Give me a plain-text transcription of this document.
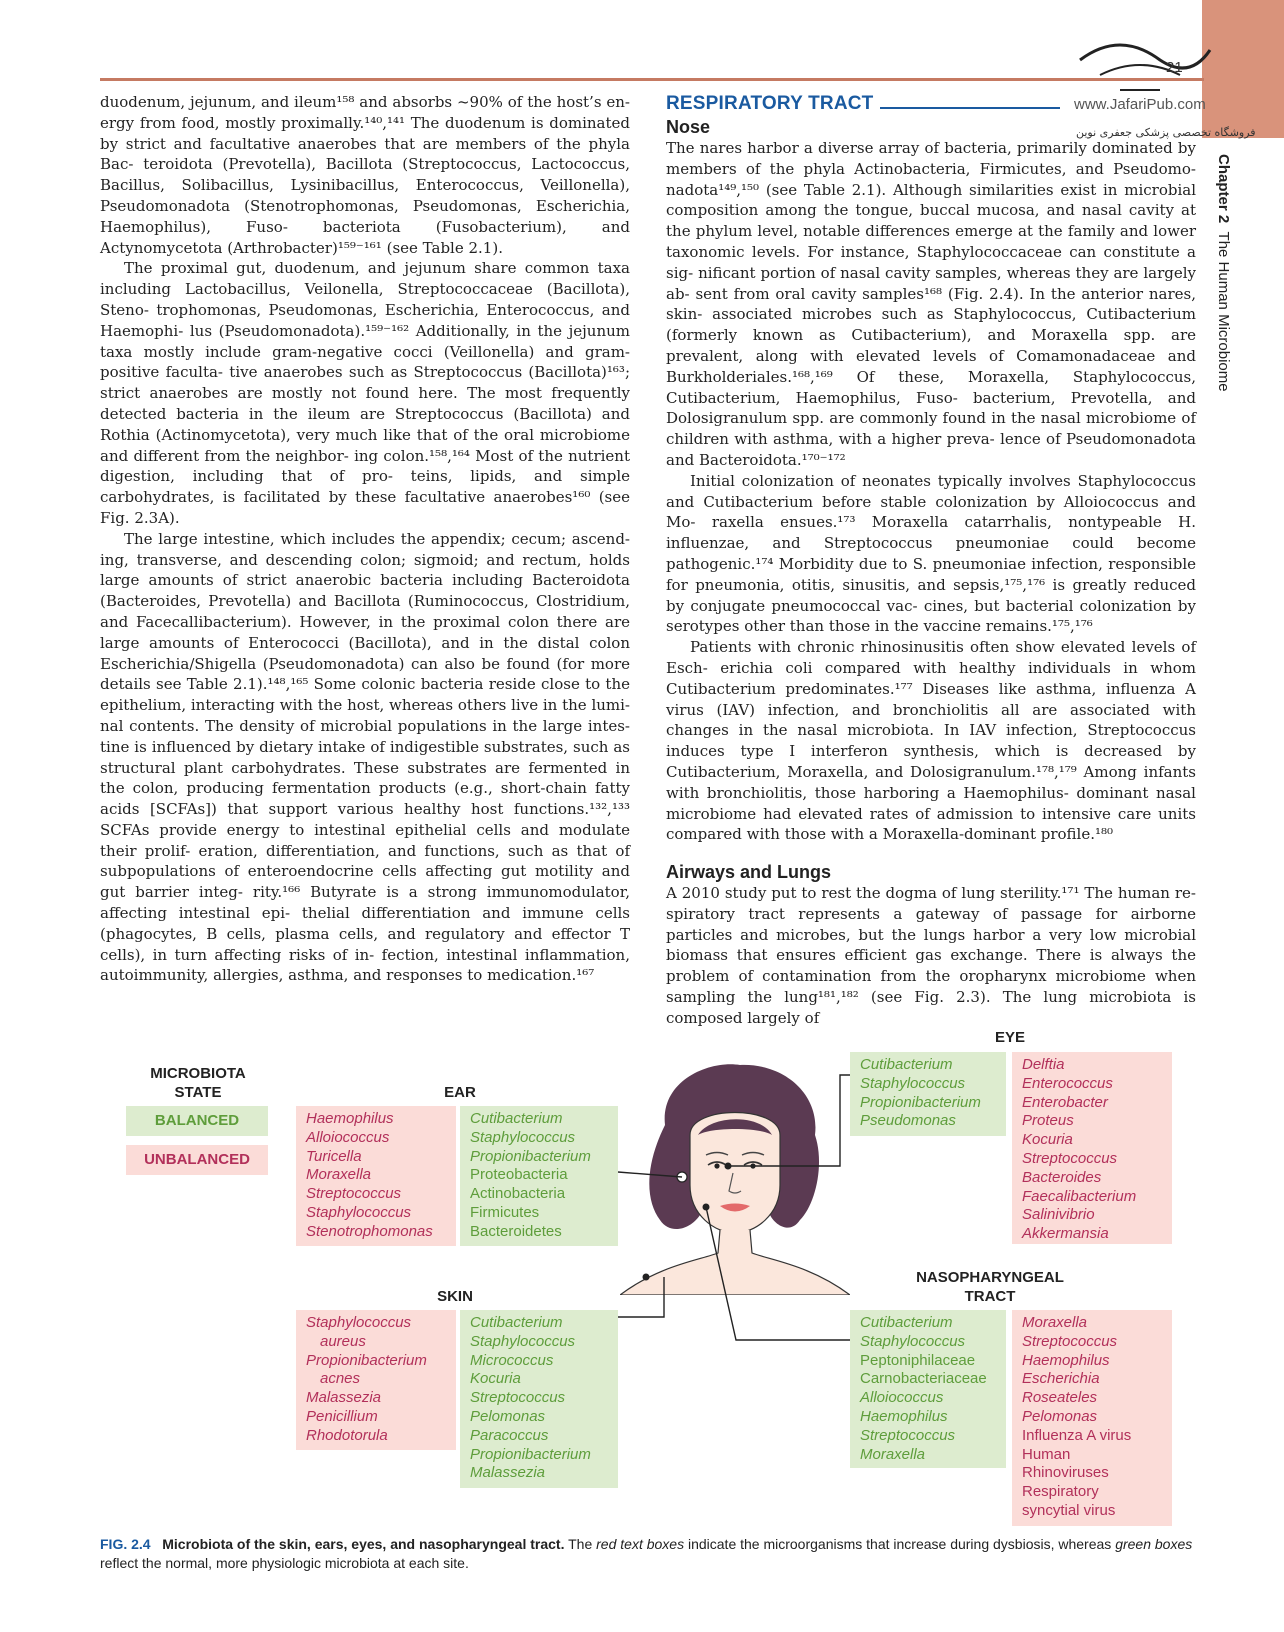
21
www.JafariPub.com
فروشگاه تخصصی پزشکی جعفری نوین
Chapter 2  The Human Microbiome

duodenum, jejunum, and ileum¹⁵⁸ and absorbs ~90% of the host’s en- ergy from food, mostly proximally.¹⁴⁰,¹⁴¹ The duodenum is dominated by strict and facultative anaerobes that are members of the phyla Bac- teroidota (Prevotella), Bacillota (Streptococcus, Lactococcus, Bacillus, Solibacillus, Lysinibacillus, Enterococcus, Veillonella), Pseudomonadota (Stenotrophomonas, Pseudomonas, Escherichia, Haemophilus), Fuso- bacteriota (Fusobacterium), and Actynomycetota (Arthrobacter)¹⁵⁹⁻¹⁶¹ (see Table 2.1).

The proximal gut, duodenum, and jejunum share common taxa including Lactobacillus, Veilonella, Streptococcaceae (Bacillota), Steno- trophomonas, Pseudomonas, Escherichia, Enterococcus, and Haemophi- lus (Pseudomonadota).¹⁵⁹⁻¹⁶² Additionally, in the jejunum taxa mostly include gram-negative cocci (Veillonella) and gram-positive faculta- tive anaerobes such as Streptococcus (Bacillota)¹⁶³; strict anaerobes are mostly not found here. The most frequently detected bacteria in the ileum are Streptococcus (Bacillota) and Rothia (Actinomycetota), very much like that of the oral microbiome and different from the neighbor- ing colon.¹⁵⁸,¹⁶⁴ Most of the nutrient digestion, including that of pro- teins, lipids, and simple carbohydrates, is facilitated by these facultative anaerobes¹⁶⁰ (see Fig. 2.3A).

The large intestine, which includes the appendix; cecum; ascend- ing, transverse, and descending colon; sigmoid; and rectum, holds large amounts of strict anaerobic bacteria including Bacteroidota (Bacteroides, Prevotella) and Bacillota (Ruminococcus, Clostridium, and Facecallibacterium). However, in the proximal colon there are large amounts of Enterococci (Bacillota), and in the distal colon Escherichia/Shigella (Pseudomonadota) can also be found (for more details see Table 2.1).¹⁴⁸,¹⁶⁵ Some colonic bacteria reside close to the epithelium, interacting with the host, whereas others live in the lumi- nal contents. The density of microbial populations in the large intes- tine is influenced by dietary intake of indigestible substrates, such as structural plant carbohydrates. These substrates are fermented in the colon, producing fermentation products (e.g., short-chain fatty acids [SCFAs]) that support various healthy host functions.¹³²,¹³³ SCFAs provide energy to intestinal epithelial cells and modulate their prolif- eration, differentiation, and functions, such as that of subpopulations of enteroendocrine cells affecting gut motility and gut barrier integ- rity.¹⁶⁶ Butyrate is a strong immunomodulator, affecting intestinal epi- thelial differentiation and immune cells (phagocytes, B cells, plasma cells, and regulatory and effector T cells), in turn affecting risks of in- fection, intestinal inflammation, autoimmunity, allergies, asthma, and responses to medication.¹⁶⁷

RESPIRATORY TRACT
Nose

The nares harbor a diverse array of bacteria, primarily dominated by members of the phyla Actinobacteria, Firmicutes, and Pseudomo- nadota¹⁴⁹,¹⁵⁰ (see Table 2.1). Although similarities exist in microbial composition among the tongue, buccal mucosa, and nasal cavity at the phylum level, notable differences emerge at the family and lower taxonomic levels. For instance, Staphylococcaceae can constitute a sig- nificant portion of nasal cavity samples, whereas they are largely ab- sent from oral cavity samples¹⁶⁸ (Fig. 2.4). In the anterior nares, skin- associated microbes such as Staphylococcus, Cutibacterium (formerly known as Cutibacterium), and Moraxella spp. are prevalent, along with elevated levels of Comamonadaceae and Burkholderiales.¹⁶⁸,¹⁶⁹ Of these, Moraxella, Staphylococcus, Cutibacterium, Haemophilus, Fuso- bacterium, Prevotella, and Dolosigranulum spp. are commonly found in the nasal microbiome of children with asthma, with a higher preva- lence of Pseudomonadota and Bacteroidota.¹⁷⁰⁻¹⁷²

Initial colonization of neonates typically involves Staphylococcus and Cutibacterium before stable colonization by Alloiococcus and Mo- raxella ensues.¹⁷³ Moraxella catarrhalis, nontypeable H. influenzae, and Streptococcus pneumoniae could become pathogenic.¹⁷⁴ Morbidity due to S. pneumoniae infection, responsible for pneumonia, otitis, sinusitis, and sepsis,¹⁷⁵,¹⁷⁶ is greatly reduced by conjugate pneumococcal vac- cines, but bacterial colonization by serotypes other than those in the vaccine remains.¹⁷⁵,¹⁷⁶

Patients with chronic rhinosinusitis often show elevated levels of Esch- erichia coli compared with healthy individuals in whom Cutibacterium predominates.¹⁷⁷ Diseases like asthma, influenza A virus (IAV) infection, and bronchiolitis all are associated with changes in the nasal microbiota. In IAV infection, Streptococcus induces type I interferon synthesis, which is decreased by Cutibacterium, Moraxella, and Dolosigranulum.¹⁷⁸,¹⁷⁹ Among infants with bronchiolitis, those harboring a Haemophilus- dominant nasal microbiome had elevated rates of admission to intensive care units compared with those with a Moraxella-dominant profile.¹⁸⁰

Airways and Lungs

A 2010 study put to rest the dogma of lung sterility.¹⁷¹ The human re- spiratory tract represents a gateway of passage for airborne particles and microbes, but the lungs harbor a very low microbial biomass that ensures efficient gas exchange. There is always the problem of contamination from the oropharynx microbiome when sampling the lung¹⁸¹,¹⁸² (see Fig. 2.3). The lung microbiota is composed largely of

MICROBIOTA
STATE
BALANCED
UNBALANCED
EAR
Haemophilus
Alloiococcus
Turicella
Moraxella
Streptococcus
Staphylococcus
Stenotrophomonas
Cutibacterium
Staphylococcus
Propionibacterium
Proteobacteria
Actinobacteria
Firmicutes
Bacteroidetes
EYE
Cutibacterium
Staphylococcus
Propionibacterium
Pseudomonas
Delftia
Enterococcus
Enterobacter
Proteus
Kocuria
Streptococcus
Bacteroides
Faecalibacterium
Salinivibrio
Akkermansia
SKIN
Staphylococcus
aureus
Propionibacterium
acnes
Malassezia
Penicillium
Rhodotorula
Cutibacterium
Staphylococcus
Micrococcus
Kocuria
Streptococcus
Pelomonas
Paracoccus
Propionibacterium
Malassezia
NASOPHARYNGEAL
TRACT
Cutibacterium
Staphylococcus
Peptoniphilaceae
Carnobacteriaceae
Alloiococcus
Haemophilus
Streptococcus
Moraxella
Moraxella
Streptococcus
Haemophilus
Escherichia
Roseateles
Pelomonas
Influenza A virus
Human
Rhinoviruses
Respiratory
syncytial virus
FIG. 2.4 Microbiota of the skin, ears, eyes, and nasopharyngeal tract. The red text boxes indicate the microorganisms that increase during dysbiosis, whereas green boxes reflect the normal, more physiologic microbiota at each site.
